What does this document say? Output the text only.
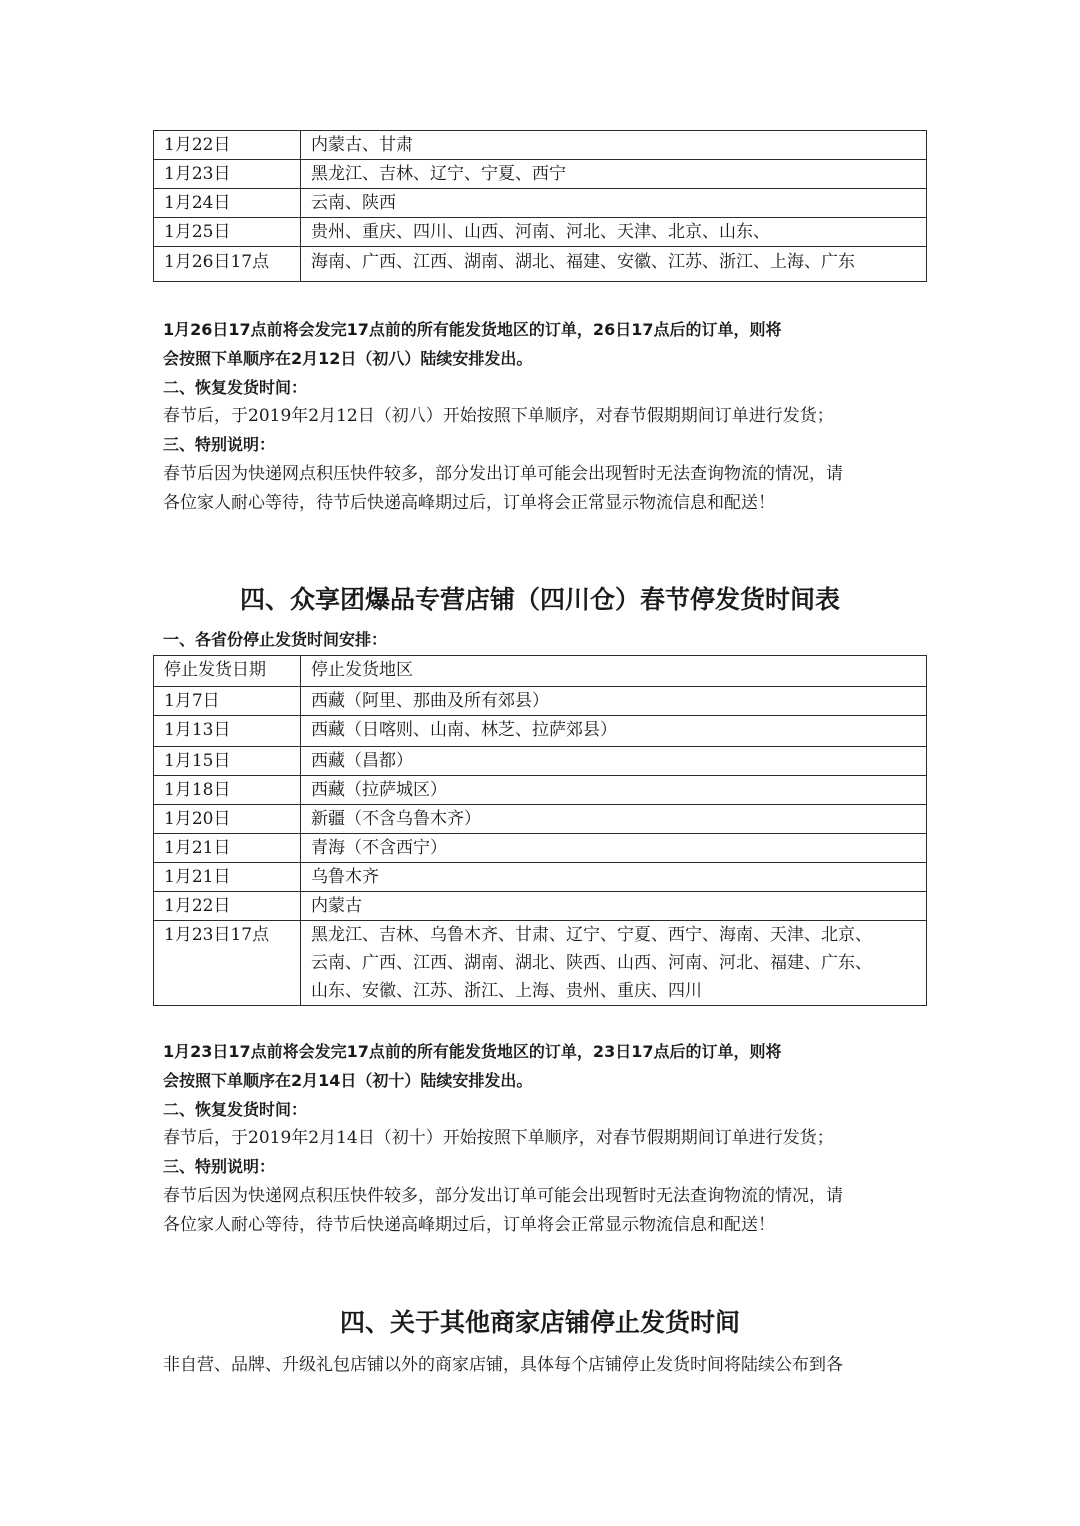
1月22日	内蒙古、甘肃
1月23日	黑龙江、吉林、辽宁、宁夏、西宁
1月24日	云南、陕西
1月25日	贵州、重庆、四川、山西、河南、河北、天津、北京、山东、
1月26日17点	海南、广西、江西、湖南、湖北、福建、安徽、江苏、浙江、上海、广东

1月26日17点前将会发完17点前的所有能发货地区的订单，26日17点后的订单，则将

会按照下单顺序在2月12日（初八）陆续安排发出。

二、恢复发货时间：

春节后，于2019年2月12日（初八）开始按照下单顺序，对春节假期期间订单进行发货；

三、特别说明：

春节后因为快递网点积压快件较多，部分发出订单可能会出现暂时无法查询物流的情况，请

各位家人耐心等待，待节后快递高峰期过后，订单将会正常显示物流信息和配送！

四、众享团爆品专营店铺（四川仓）春节停发货时间表

一、各省份停止发货时间安排：

停止发货日期	停止发货地区
1月7日	西藏（阿里、那曲及所有郊县）
1月13日	西藏（日喀则、山南、林芝、拉萨郊县）
1月15日	西藏（昌都）
1月18日	西藏（拉萨城区）
1月20日	新疆（不含乌鲁木齐）
1月21日	青海（不含西宁）
1月21日	乌鲁木齐
1月22日	内蒙古
1月23日17点	黑龙江、吉林、乌鲁木齐、甘肃、辽宁、宁夏、西宁、海南、天津、北京、
云南、广西、江西、湖南、湖北、陕西、山西、河南、河北、福建、广东、
山东、安徽、江苏、浙江、上海、贵州、重庆、四川

1月23日17点前将会发完17点前的所有能发货地区的订单，23日17点后的订单，则将

会按照下单顺序在2月14日（初十）陆续安排发出。

二、恢复发货时间：

春节后，于2019年2月14日（初十）开始按照下单顺序，对春节假期期间订单进行发货；

三、特别说明：

春节后因为快递网点积压快件较多，部分发出订单可能会出现暂时无法查询物流的情况，请

各位家人耐心等待，待节后快递高峰期过后，订单将会正常显示物流信息和配送！

四、关于其他商家店铺停止发货时间

非自营、品牌、升级礼包店铺以外的商家店铺，具体每个店铺停止发货时间将陆续公布到各
